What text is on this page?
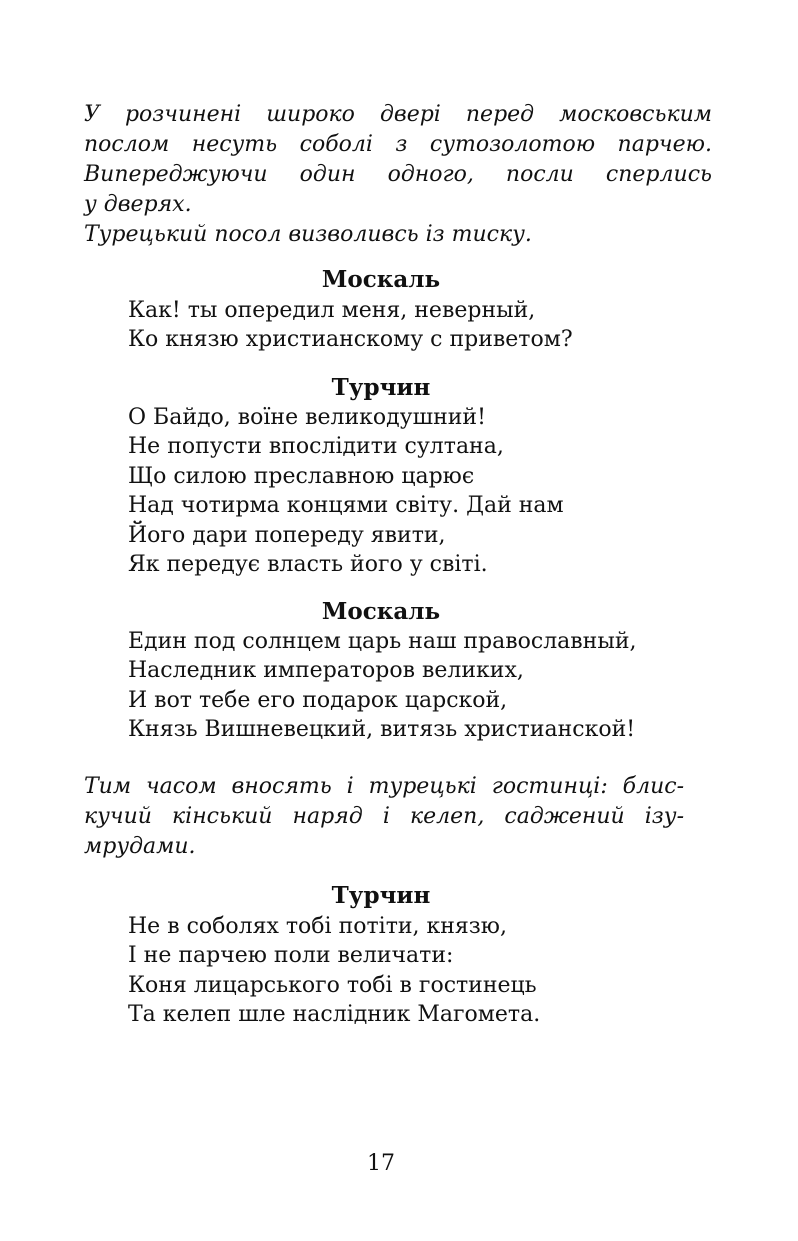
У розчинені широко двері перед московським
послом несуть соболі з сутозолотою парчею.
Випереджуючи один одного, посли сперлись
у дверях.
Турецький посол визволивсь із тиску.
Москаль
Как! ты опередил меня, неверный,
Ко князю христианскому с приветом?
Турчин
О Байдо, воїне великодушний!
Не попусти впослідити султана,
Що силою преславною царює
Над чотирма концями світу. Дай нам
Його дари попереду явити,
Як передує власть його у світі.
Москаль
Един под солнцем царь наш православный,
Наследник императоров великих,
И вот тебе его подарок царской,
Князь Вишневецкий, витязь христианской!
Тим часом вносять і турецькі гостинці: блис-
кучий кінський наряд і келеп, саджений ізу-
мрудами.
Турчин
Не в соболях тобі потіти, князю,
І не парчею поли величати:
Коня лицарського тобі в гостинець
Та келеп шле наслідник Магомета.
17
